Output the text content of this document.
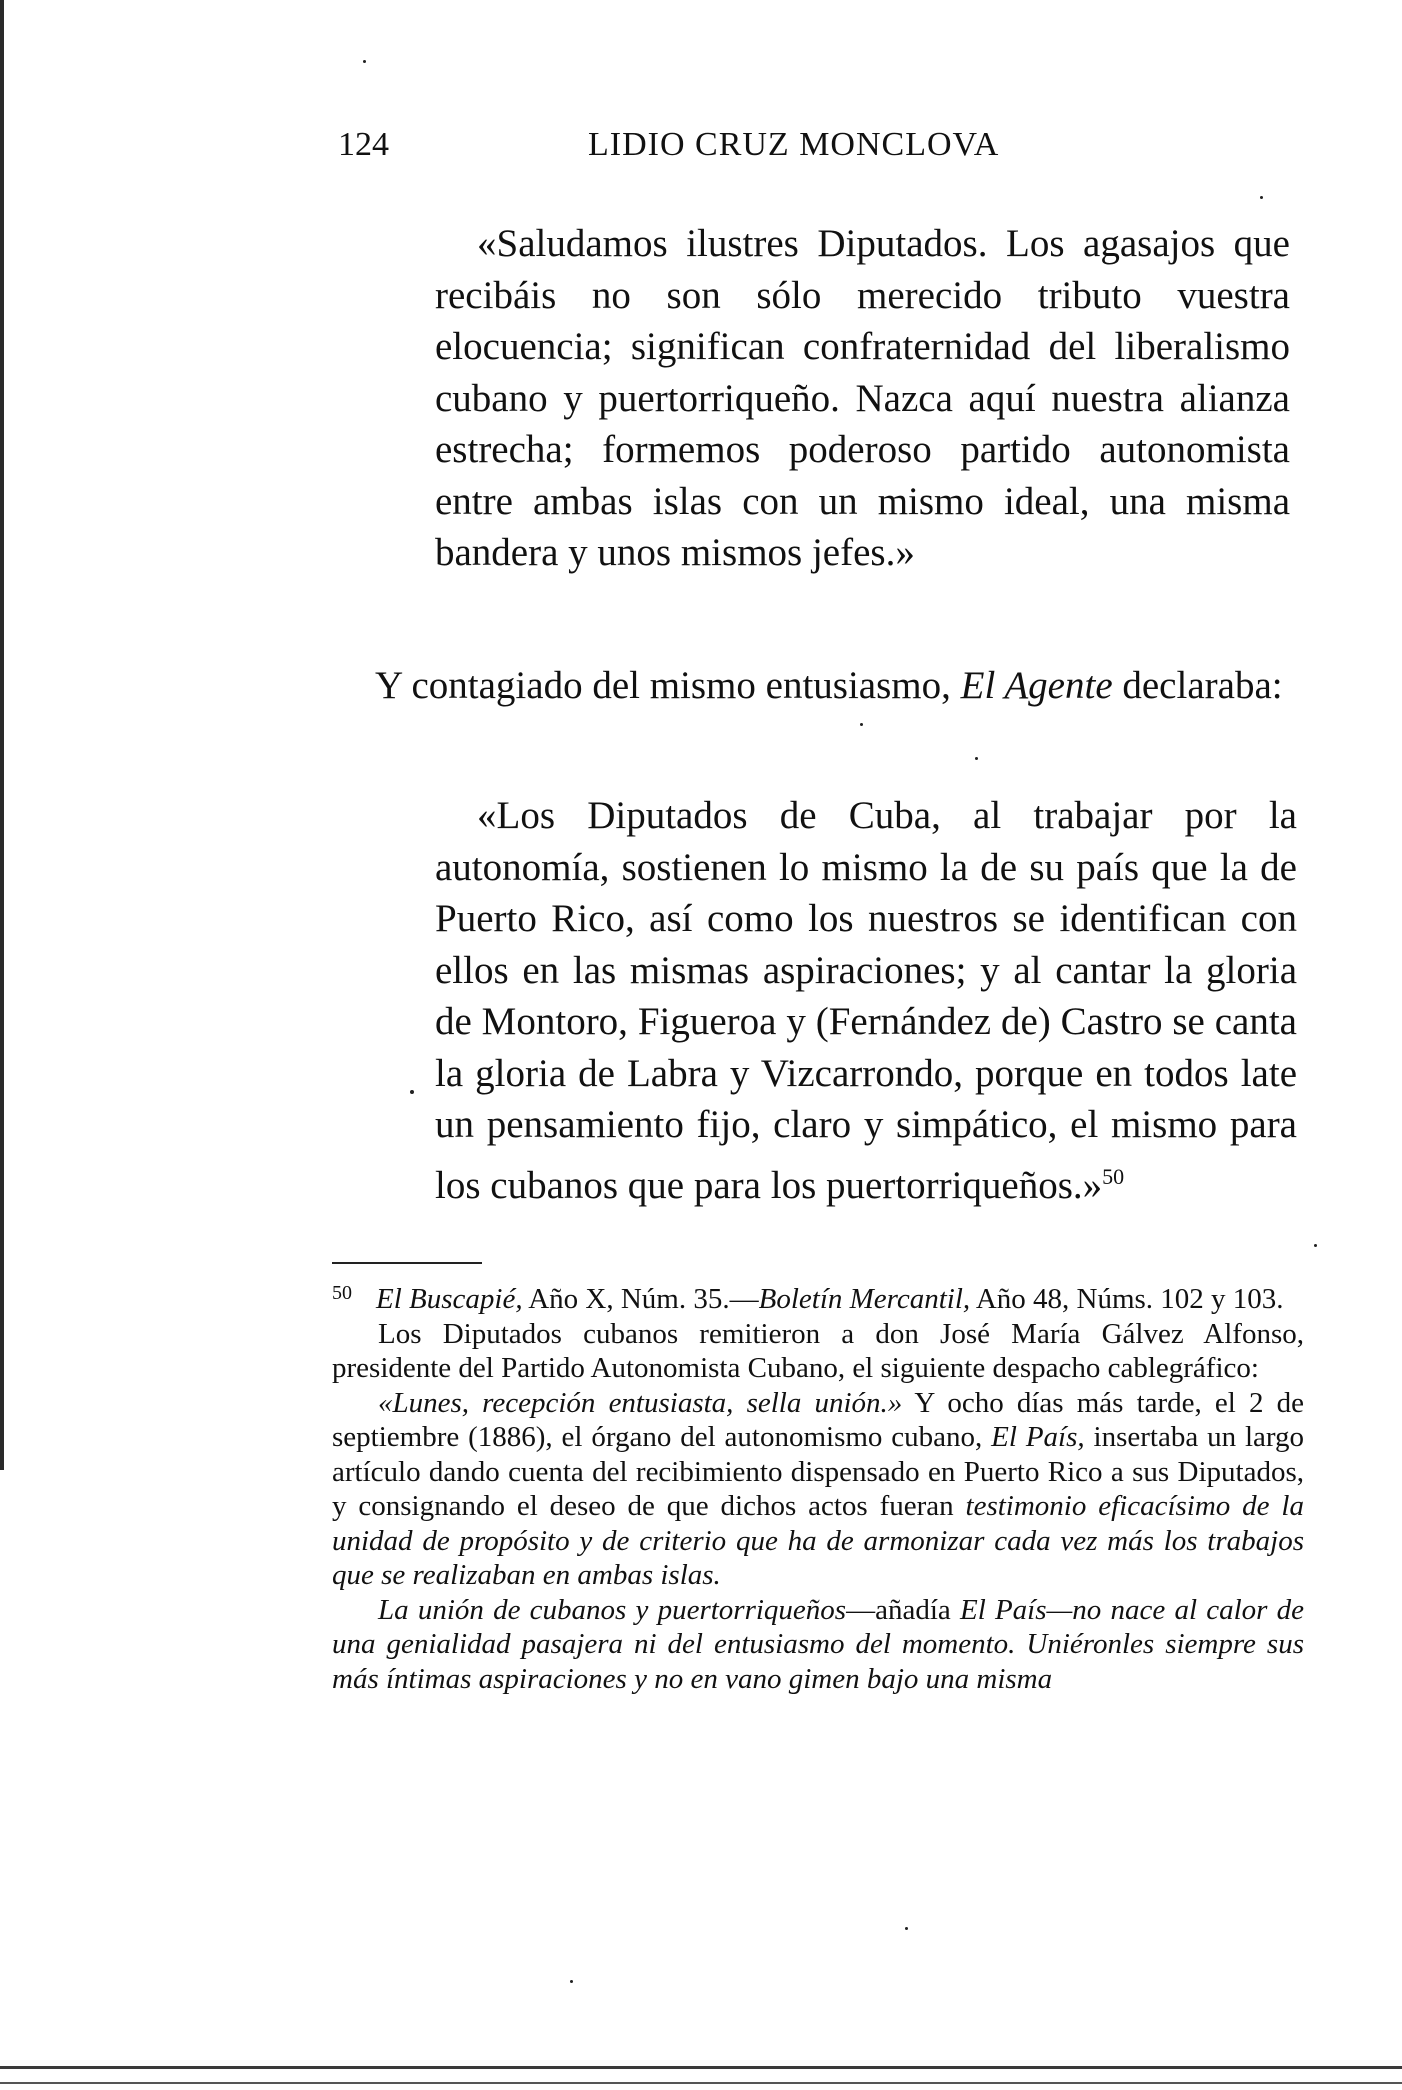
124	LIDIO CRUZ MONCLOVA

«Saludamos ilustres Diputados. Los agasajos que recibáis no son sólo merecido tributo vuestra elocuencia; significan confraternidad del liberalismo cubano y puertorriqueño. Nazca aquí nuestra alianza estrecha; formemos poderoso partido autonomista entre ambas islas con un mismo ideal, una misma bandera y unos mismos jefes.»

Y contagiado del mismo entusiasmo, El Agente declaraba:

«Los Diputados de Cuba, al trabajar por la autonomía, sostienen lo mismo la de su país que la de Puerto Rico, así como los nuestros se identifican con ellos en las mismas aspiraciones; y al cantar la gloria de Montoro, Figueroa y (Fernández de) Castro se canta la gloria de Labra y Vizcarrondo, porque en todos late un pensamiento fijo, claro y simpático, el mismo para los cubanos que para los puertorriqueños.»$^{50}$

$^{50}$ El Buscapié, Año X, Núm. 35.—Boletín Mercantil, Año 48, Núms. 102 y 103.

Los Diputados cubanos remitieron a don José María Gálvez Alfonso, presidente del Partido Autonomista Cubano, el siguiente despacho cablegráfico:

«Lunes, recepción entusiasta, sella unión.» Y ocho días más tarde, el 2 de septiembre (1886), el órgano del autonomismo cubano, El País, insertaba un largo artículo dando cuenta del recibimiento dispensado en Puerto Rico a sus Diputados, y consignando el deseo de que dichos actos fueran testimonio eficacísimo de la unidad de propósito y de criterio que ha de armonizar cada vez más los trabajos que se realizaban en ambas islas.

La unión de cubanos y puertorriqueños—añadía El País—no nace al calor de una genialidad pasajera ni del entusiasmo del momento. Uniéronles siempre sus más íntimas aspiraciones y no en vano gimen bajo una misma
